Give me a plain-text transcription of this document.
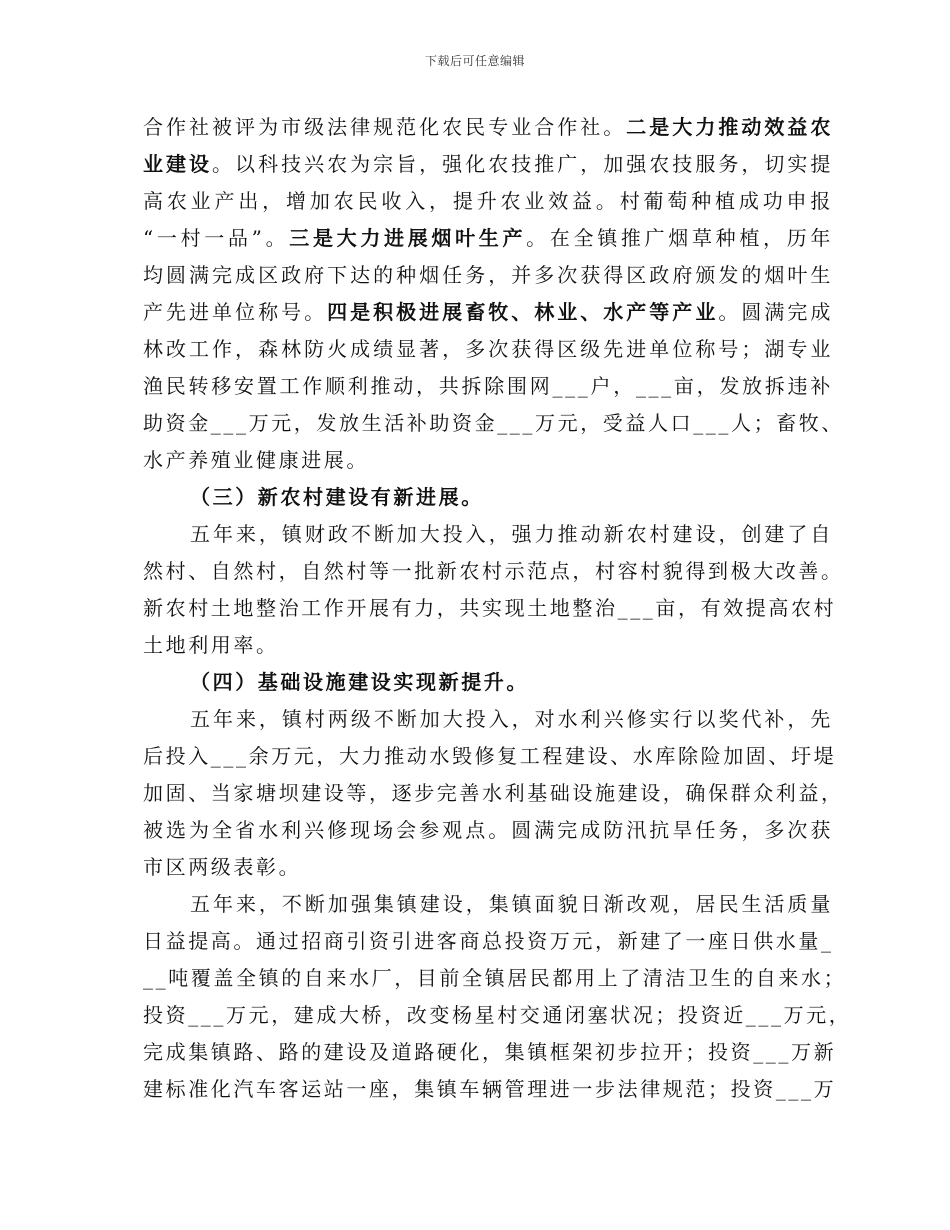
下载后可任意编辑
合作社被评为市级法律规范化农民专业合作社。二是大力推动效益农
业建设。以科技兴农为宗旨，强化农技推广，加强农技服务，切实提
高农业产出，增加农民收入，提升农业效益。村葡萄种植成功申报
“一村一品”。三是大力进展烟叶生产。在全镇推广烟草种植，历年
均圆满完成区政府下达的种烟任务，并多次获得区政府颁发的烟叶生
产先进单位称号。四是积极进展畜牧、林业、水产等产业。圆满完成
林改工作，森林防火成绩显著，多次获得区级先进单位称号；湖专业
渔民转移安置工作顺利推动，共拆除围网___户，___亩，发放拆违补
助资金___万元，发放生活补助资金___万元，受益人口___人；畜牧、
水产养殖业健康进展。
（三）新农村建设有新进展。
五年来，镇财政不断加大投入，强力推动新农村建设，创建了自
然村、自然村，自然村等一批新农村示范点，村容村貌得到极大改善。
新农村土地整治工作开展有力，共实现土地整治___亩，有效提高农村
土地利用率。
（四）基础设施建设实现新提升。
五年来，镇村两级不断加大投入，对水利兴修实行以奖代补，先
后投入___余万元，大力推动水毁修复工程建设、水库除险加固、圩堤
加固、当家塘坝建设等，逐步完善水利基础设施建设，确保群众利益，
被选为全省水利兴修现场会参观点。圆满完成防汛抗旱任务，多次获
市区两级表彰。
五年来，不断加强集镇建设，集镇面貌日渐改观，居民生活质量
日益提高。通过招商引资引进客商总投资万元，新建了一座日供水量_
__吨覆盖全镇的自来水厂，目前全镇居民都用上了清洁卫生的自来水；
投资___万元，建成大桥，改变杨星村交通闭塞状况；投资近___万元，
完成集镇路、路的建设及道路硬化，集镇框架初步拉开；投资___万新
建标准化汽车客运站一座，集镇车辆管理进一步法律规范；投资___万
